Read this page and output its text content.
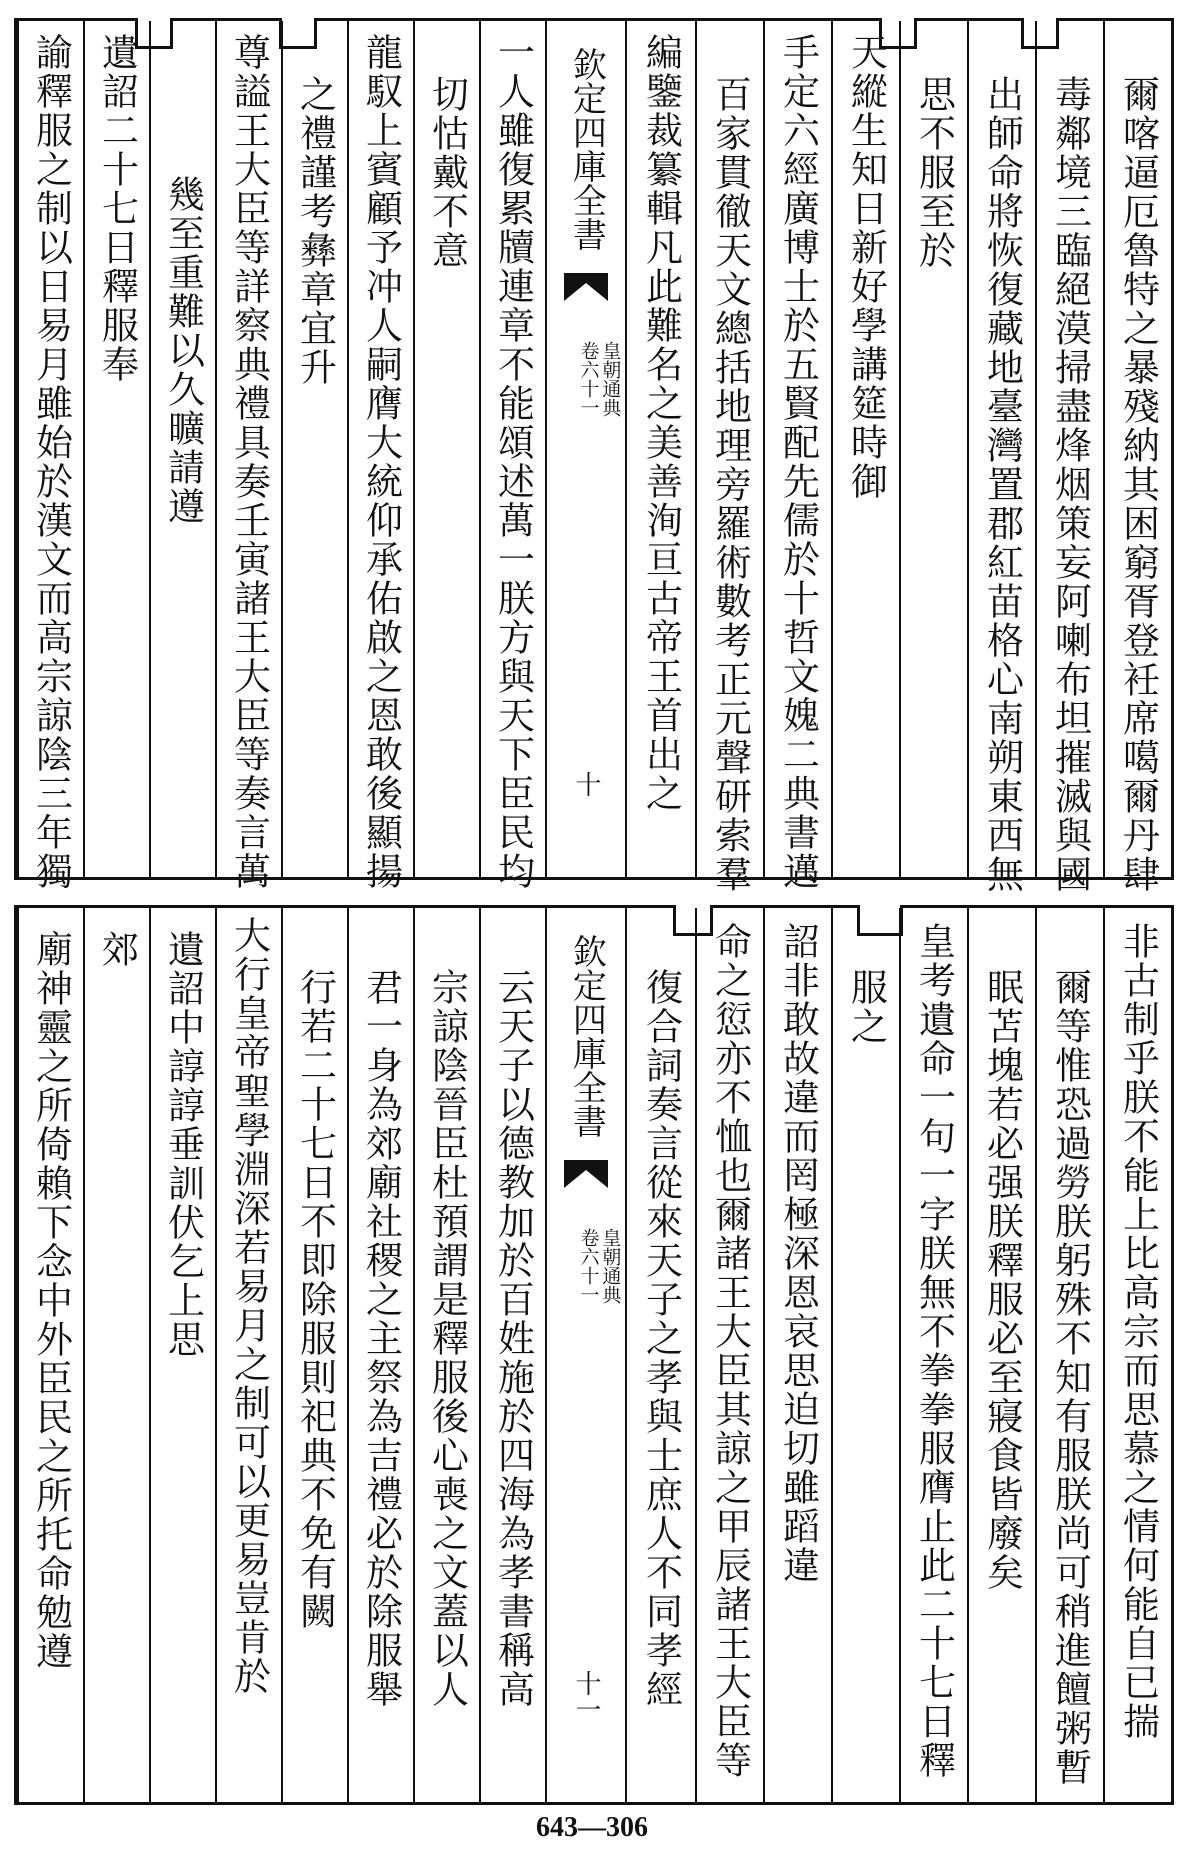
諭釋服之制以日易月雖始於漢文而高宗諒陰三年獨 遺詔二十七日釋服奉 幾至重難以久曠請遵 尊謚王大臣等詳察典禮具奏壬寅諸王大臣等奏言萬 之禮謹考彝章宜升 龍馭上賓顧予冲人嗣膺大統仰承佑啟之恩敢後顯揚 切怙戴不意 一人雖復累牘連章不能頌述萬一朕方與天下臣民均 欽定四庫全書
皇朝通典
卷六十一
十 編鑒裁纂輯凡此難名之美善洵亘古帝王首出之 百家貫徹天文總括地理旁羅術數考正元聲研索羣 手定六經廣博士於五賢配先儒於十哲文媿二典書邁 天縱生知日新好學講筵時御 思不服至於 出師命將恢復藏地臺灣置郡紅苗格心南朔東西無 毒鄰境三臨絕漠掃盡烽烟策妄阿喇布坦摧滅與國 爾喀逼厄魯特之暴殘納其困窮胥登衽席噶爾丹肆
廟神靈之所倚賴下念中外臣民之所托命勉遵 郊 遺詔中諄諄垂訓伏乞上思 大行皇帝聖學淵深若易月之制可以更易豈肯於 行若二十七日不即除服則祀典不免有闕 君一身為郊廟社稷之主祭為吉禮必於除服舉 宗諒陰晉臣杜預謂是釋服後心喪之文蓋以人 云天子以德教加於百姓施於四海為孝書稱高 欽定四庫全書
皇朝通典
卷六十一
十一 復合詞奏言從來天子之孝與士庶人不同孝經 命之愆亦不恤也爾諸王大臣其諒之甲辰諸王大臣等 詔非敢故違而罔極深恩哀思迫切雖蹈違 服之 皇考遺命一句一字朕無不拳拳服膺止此二十七日釋 眠苫塊若必强朕釋服必至寢食皆廢矣 爾等惟恐過勞朕躬殊不知有服朕尚可稍進饘粥暫 非古制乎朕不能上比高宗而思慕之情何能自已揣
643—306
